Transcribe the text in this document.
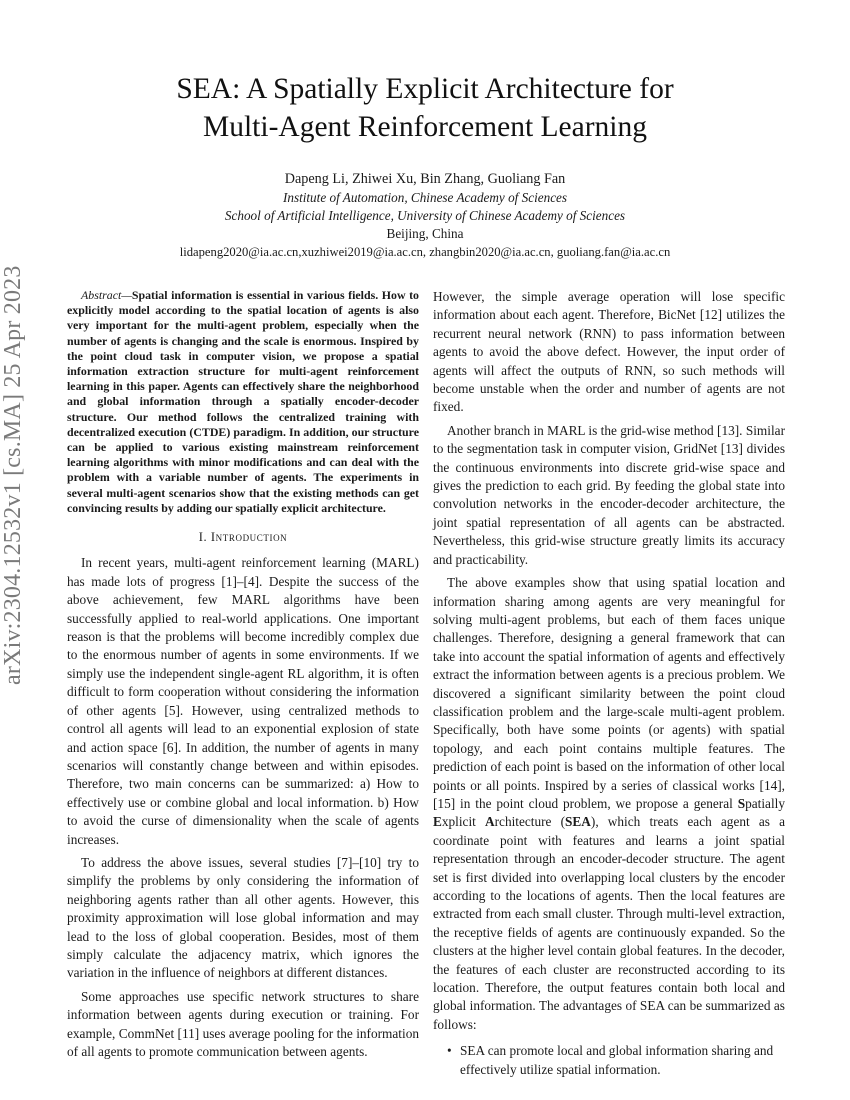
arXiv:2304.12532v1 [cs.MA] 25 Apr 2023
SEA: A Spatially Explicit Architecture for
Multi-Agent Reinforcement Learning
Dapeng Li, Zhiwei Xu, Bin Zhang, Guoliang Fan
Institute of Automation, Chinese Academy of Sciences
School of Artificial Intelligence, University of Chinese Academy of Sciences
Beijing, China
lidapeng2020@ia.ac.cn,xuzhiwei2019@ia.ac.cn, zhangbin2020@ia.ac.cn, guoliang.fan@ia.ac.cn

Abstract—Spatial information is essential in various fields. How to explicitly model according to the spatial location of agents is also very important for the multi-agent problem, especially when the number of agents is changing and the scale is enormous. Inspired by the point cloud task in computer vision, we propose a spatial information extraction structure for multi-agent reinforcement learning in this paper. Agents can effectively share the neighborhood and global information through a spatially encoder-decoder structure. Our method follows the centralized training with decentralized execution (CTDE) paradigm. In addition, our structure can be applied to various existing mainstream reinforcement learning algorithms with minor modifications and can deal with the problem with a variable number of agents. The experiments in several multi-agent scenarios show that the existing methods can get convincing results by adding our spatially explicit architecture.

I. Introduction

In recent years, multi-agent reinforcement learning (MARL) has made lots of progress [1]–[4]. Despite the success of the above achievement, few MARL algorithms have been successfully applied to real-world applications. One important reason is that the problems will become incredibly complex due to the enormous number of agents in some environments. If we simply use the independent single-agent RL algorithm, it is often difficult to form cooperation without considering the information of other agents [5]. However, using centralized methods to control all agents will lead to an exponential explosion of state and action space [6]. In addition, the number of agents in many scenarios will constantly change between and within episodes. Therefore, two main concerns can be summarized: a) How to effectively use or combine global and local information. b) How to avoid the curse of dimensionality when the scale of agents increases.

To address the above issues, several studies [7]–[10] try to simplify the problems by only considering the information of neighboring agents rather than all other agents. However, this proximity approximation will lose global information and may lead to the loss of global cooperation. Besides, most of them simply calculate the adjacency matrix, which ignores the variation in the influence of neighbors at different distances.

Some approaches use specific network structures to share information between agents during execution or training. For example, CommNet [11] uses average pooling for the information of all agents to promote communication between agents.

However, the simple average operation will lose specific information about each agent. Therefore, BicNet [12] utilizes the recurrent neural network (RNN) to pass information between agents to avoid the above defect. However, the input order of agents will affect the outputs of RNN, so such methods will become unstable when the order and number of agents are not fixed.

Another branch in MARL is the grid-wise method [13]. Similar to the segmentation task in computer vision, GridNet [13] divides the continuous environments into discrete grid-wise space and gives the prediction to each grid. By feeding the global state into convolution networks in the encoder-decoder architecture, the joint spatial representation of all agents can be abstracted. Nevertheless, this grid-wise structure greatly limits its accuracy and practicability.

The above examples show that using spatial location and information sharing among agents are very meaningful for solving multi-agent problems, but each of them faces unique challenges. Therefore, designing a general framework that can take into account the spatial information of agents and effectively extract the information between agents is a precious problem. We discovered a significant similarity between the point cloud classification problem and the large-scale multi-agent problem. Specifically, both have some points (or agents) with spatial topology, and each point contains multiple features. The prediction of each point is based on the information of other local points or all points. Inspired by a series of classical works [14], [15] in the point cloud problem, we propose a general Spatially Explicit Architecture (SEA), which treats each agent as a coordinate point with features and learns a joint spatial representation through an encoder-decoder structure. The agent set is first divided into overlapping local clusters by the encoder according to the locations of agents. Then the local features are extracted from each small cluster. Through multi-level extraction, the receptive fields of agents are continuously expanded. So the clusters at the higher level contain global features. In the decoder, the features of each cluster are reconstructed according to its location. Therefore, the output features contain both local and global information. The advantages of SEA can be summarized as follows:

• SEA can promote local and global information sharing and effectively utilize spatial information.
